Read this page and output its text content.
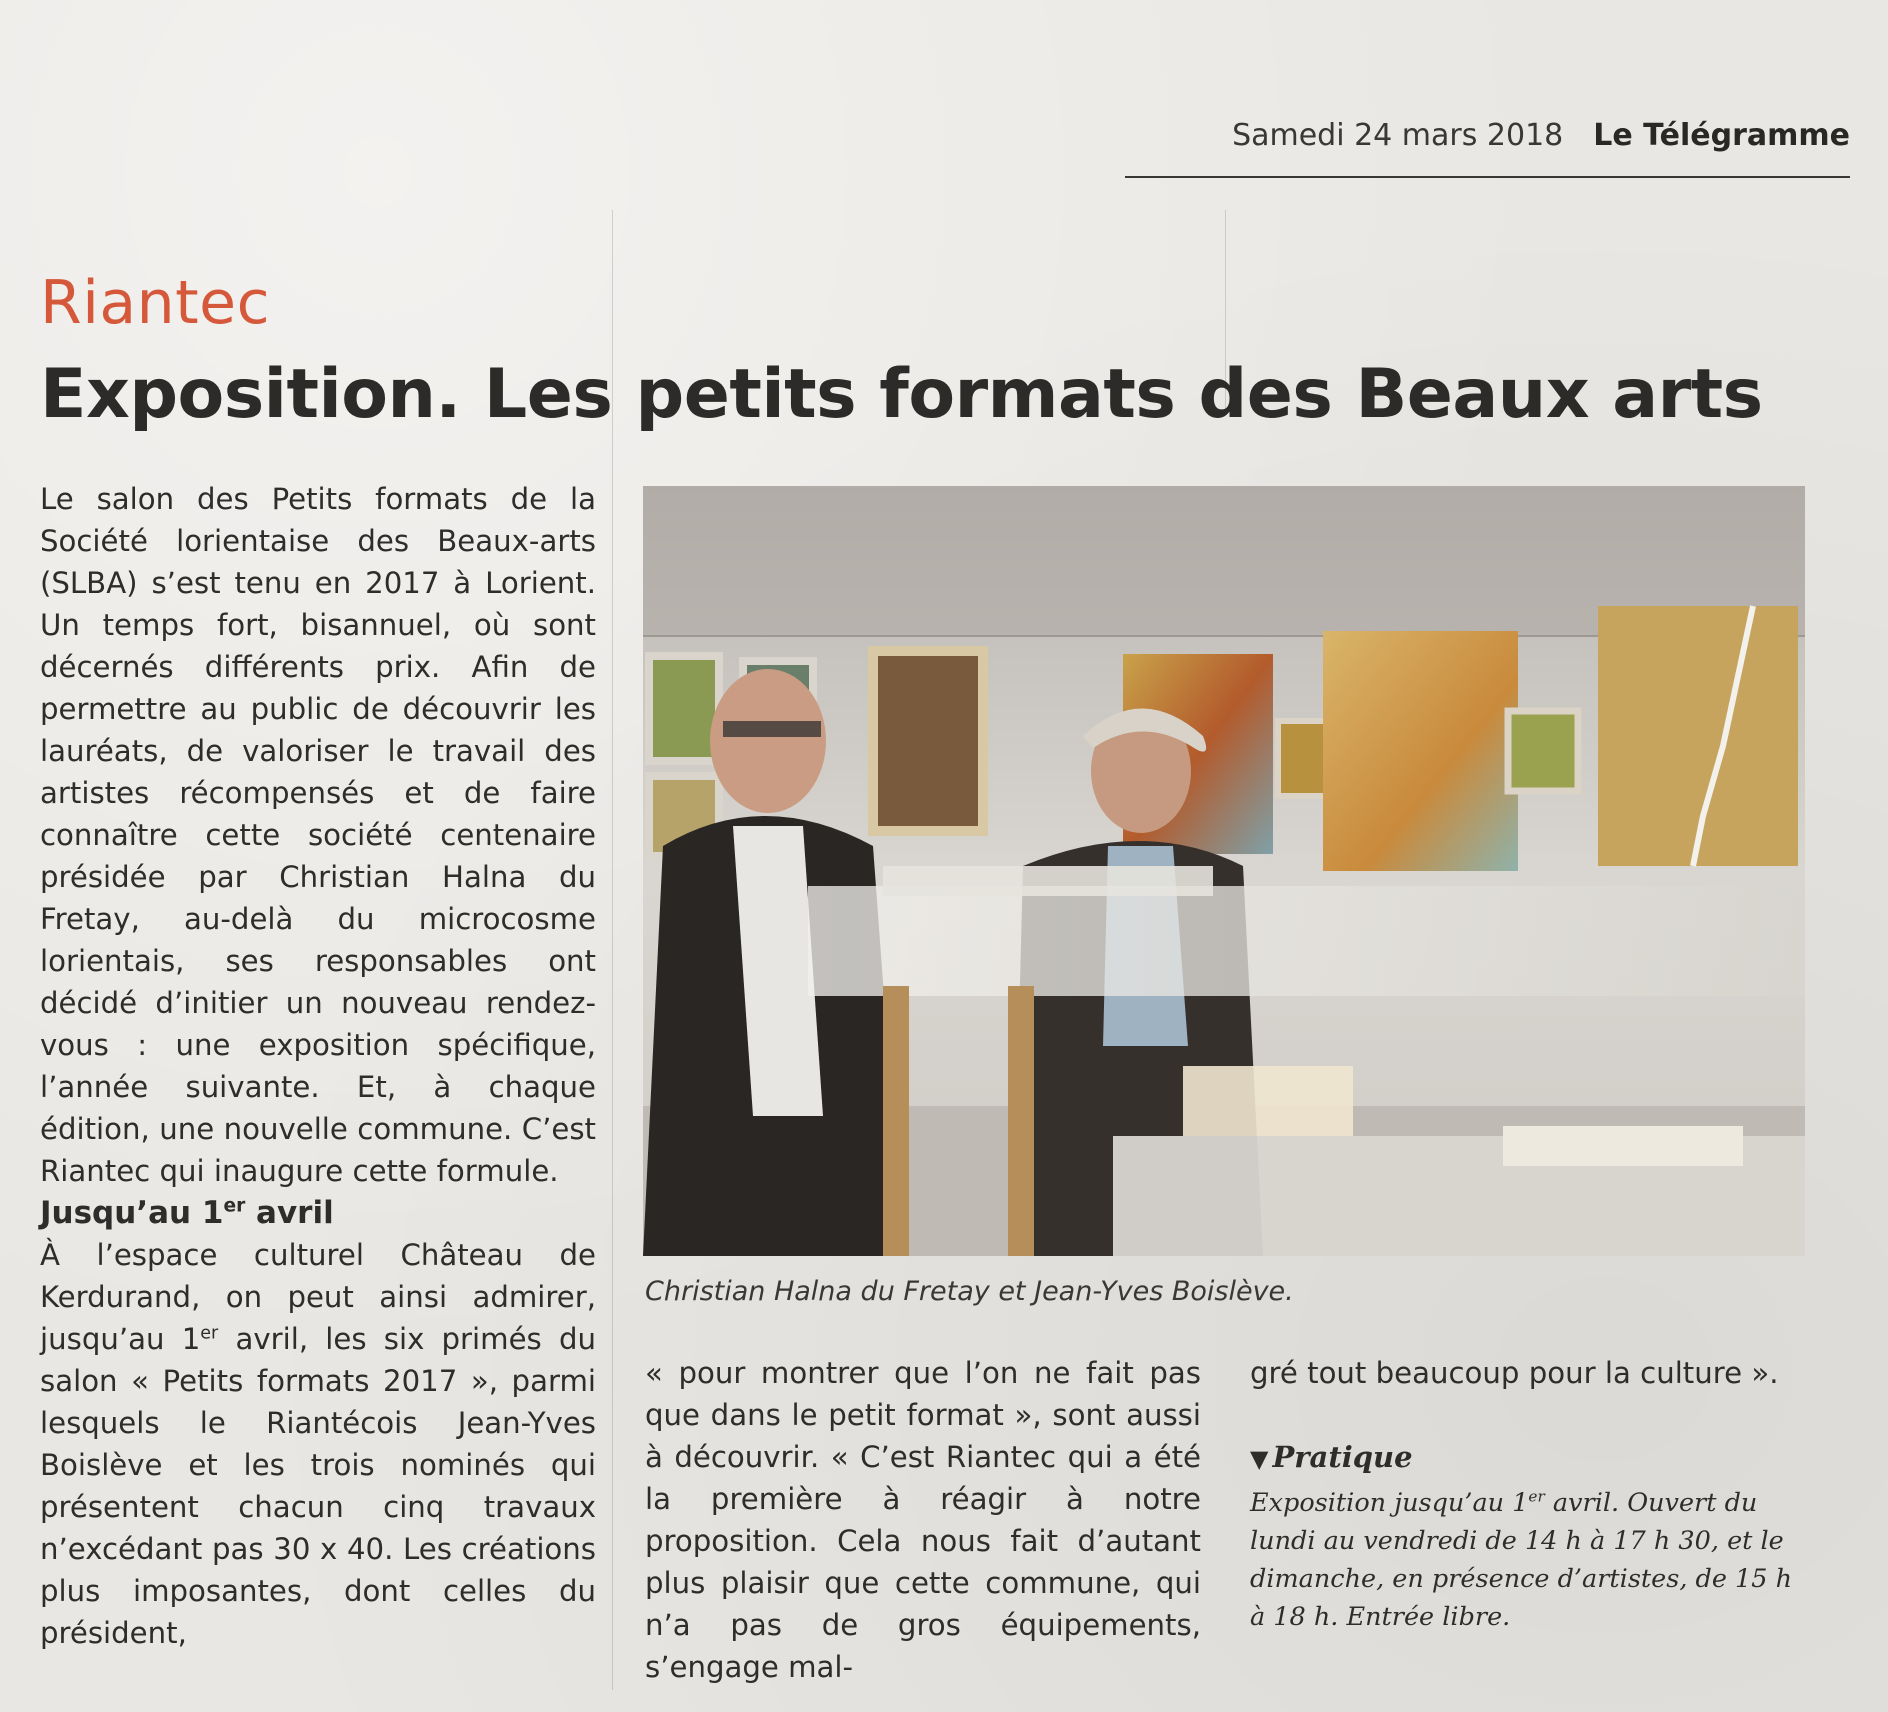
Samedi 24 mars 2018 Le Télégramme
Riantec
Exposition. Les petits formats des Beaux arts

Le salon des Petits formats de la Société lorientaise des Beaux-arts (SLBA) s’est tenu en 2017 à Lorient. Un temps fort, bisannuel, où sont décernés différents prix. Afin de permettre au public de découvrir les lauréats, de valoriser le travail des artistes récompensés et de faire connaître cette société centenaire présidée par Christian Halna du Fretay, au-delà du microcosme lorientais, ses responsables ont décidé d’initier un nouveau rendez-vous : une exposition spécifique, l’année suivante. Et, à chaque édition, une nouvelle commune. C’est Riantec qui inaugure cette formule.

Jusqu’au 1er avril

À l’espace culturel Château de Kerdurand, on peut ainsi admirer, jusqu’au 1er avril, les six primés du salon « Petits formats 2017 », parmi lesquels le Riantécois Jean-Yves Boislève et les trois nominés qui présentent chacun cinq travaux n’excédant pas 30 x 40. Les créations plus imposantes, dont celles du président,

Christian Halna du Fretay et Jean-Yves Boislève.

« pour montrer que l’on ne fait pas que dans le petit format », sont aussi à découvrir. « C’est Riantec qui a été la première à réagir à notre proposition. Cela nous fait d’autant plus plaisir que cette commune, qui n’a pas de gros équipements, s’engage mal-

gré tout beaucoup pour la culture ».

▼ Pratique

Exposition jusqu’au 1er avril. Ouvert du lundi au vendredi de 14 h à 17 h 30, et le dimanche, en présence d’artistes, de 15 h à 18 h. Entrée libre.
